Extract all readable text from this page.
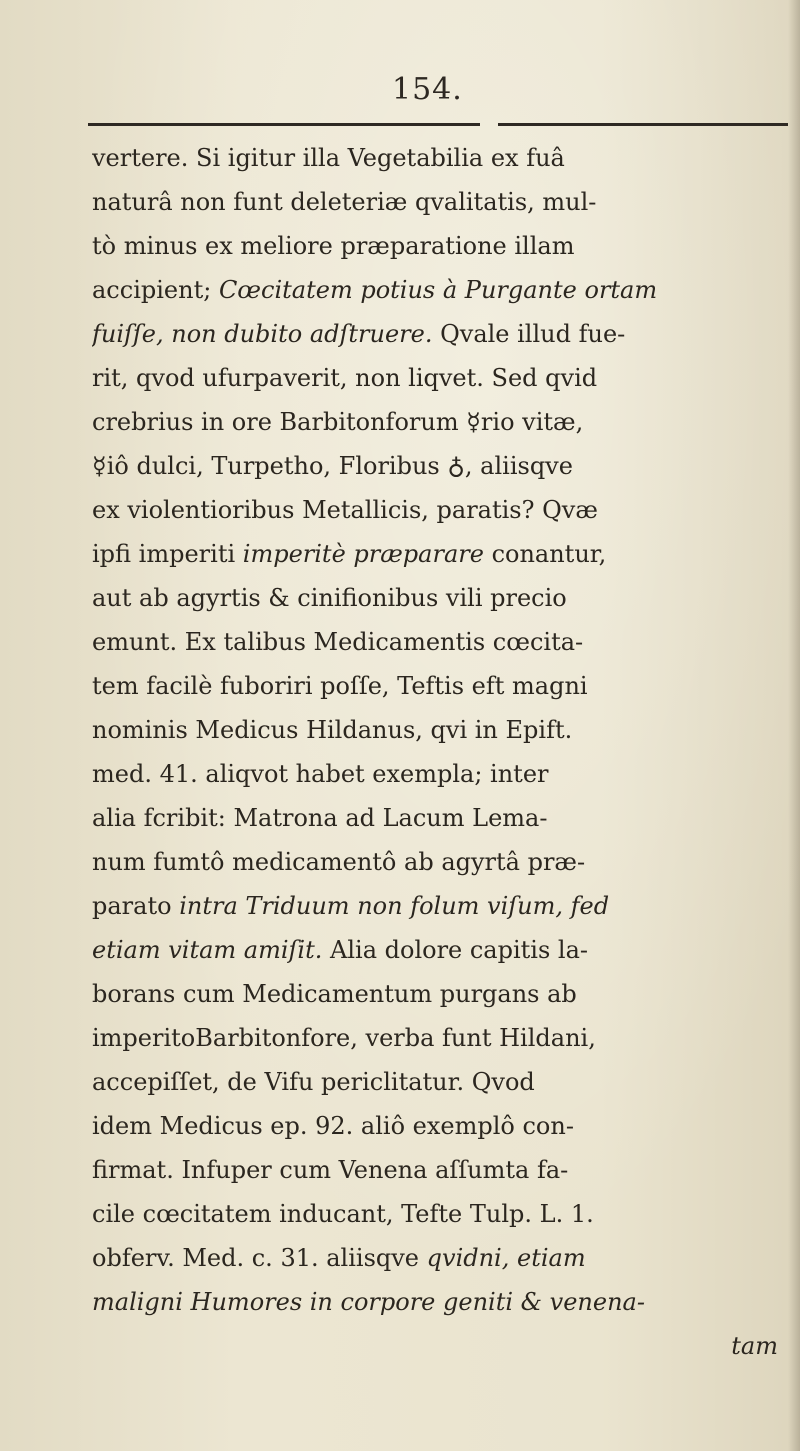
154.
vertere. Si igitur illa Vegetabilia ex fuâ
naturâ non funt deleteriæ qvalitatis, mul-
tò minus ex meliore præparatione illam
accipient; Cœcitatem potius à Purgante ortam
fuiſſe, non dubito adſtruere. Qvale illud fue-
rit, qvod ufurpaverit, non liqvet. Sed qvid
crebrius in ore Barbitonforum ☿rio vitæ,
☿iô dulci, Turpetho, Floribus ♁, aliisqve
ex violentioribus Metallicis, paratis? Qvæ
ipfi imperiti imperitè præparare conantur,
aut ab agyrtis & cinifionibus vili precio
emunt. Ex talibus Medicamentis cœcita-
tem facilè fuboriri poſſe, Teftis eft magni
nominis Medicus Hildanus, qvi in Epift.
med. 41. aliqvot habet exempla; inter
alia fcribit: Matrona ad Lacum Lema-
num fumtô medicamentô ab agyrtâ præ-
parato intra Triduum non folum viſum, fed
etiam vitam amiſit. Alia dolore capitis la-
borans cum Medicamentum purgans ab
imperitoBarbitonfore, verba funt Hildani,
accepiſſet, de Vifu periclitatur. Qvod
idem Medicus ep. 92. aliô exemplô con-
firmat. Infuper cum Venena aſſumta fa-
cile cœcitatem inducant, Tefte Tulp. L. 1.
obferv. Med. c. 31. aliisqve qvidni, etiam
maligni Humores in corpore geniti & venena-
tam
